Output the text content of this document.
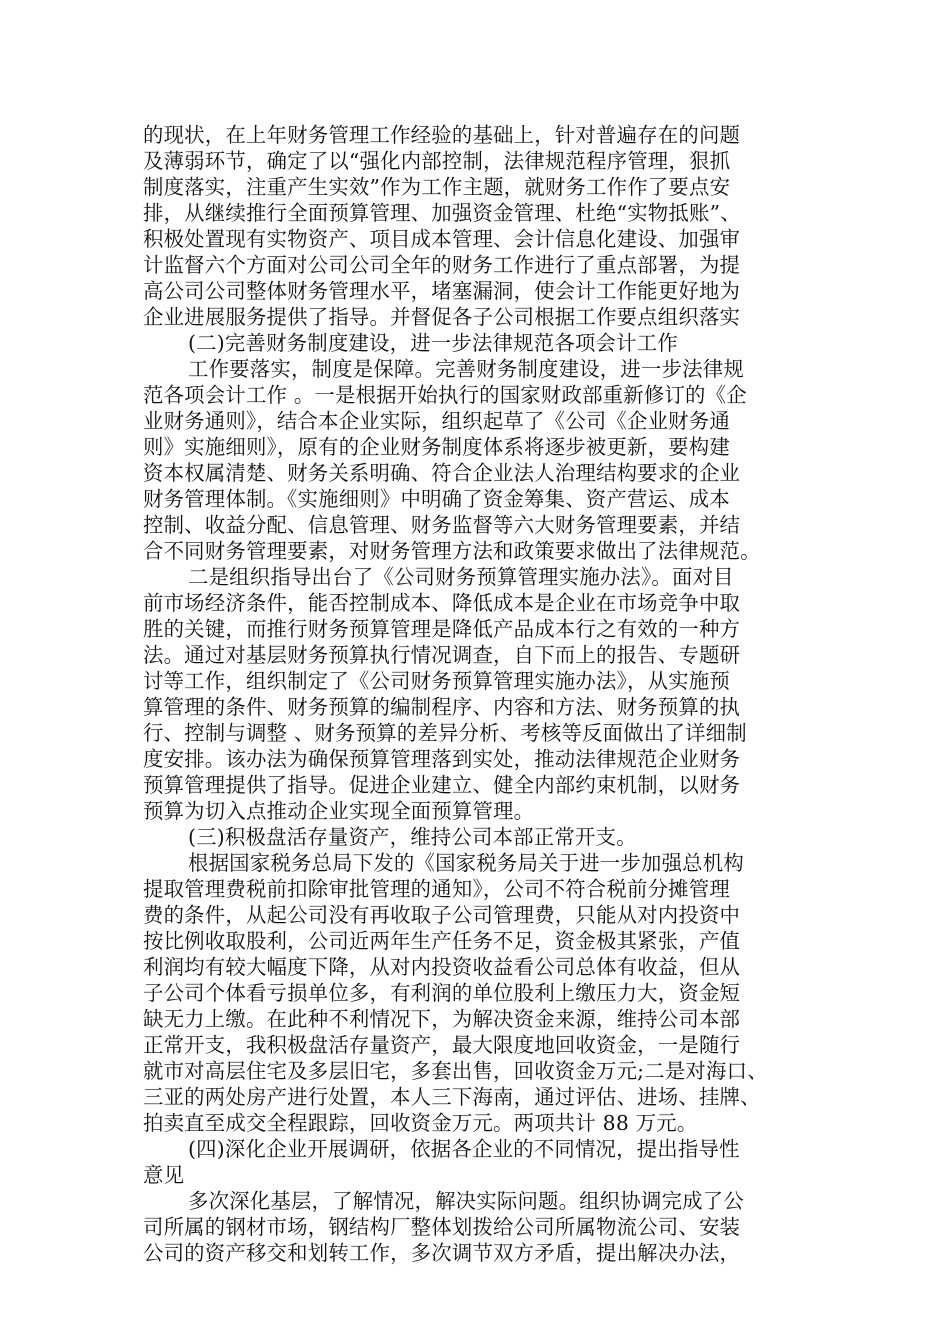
的现状，在上年财务管理工作经验的基础上，针对普遍存在的问题
及薄弱环节，确定了以“强化内部控制，法律规范程序管理，狠抓
制度落实，注重产生实效”作为工作主题，就财务工作作了要点安
排，从继续推行全面预算管理、加强资金管理、杜绝“实物抵账”、
积极处置现有实物资产、项目成本管理、会计信息化建设、加强审
计监督六个方面对公司公司全年的财务工作进行了重点部署，为提
高公司公司整体财务管理水平，堵塞漏洞，使会计工作能更好地为
企业进展服务提供了指导。并督促各子公司根据工作要点组织落实
(二)完善财务制度建设，进一步法律规范各项会计工作
工作要落实，制度是保障。完善财务制度建设，进一步法律规
范各项会计工作 。一是根据开始执行的国家财政部重新修订的《企
业财务通则》，结合本企业实际，组织起草了《公司《企业财务通
则》实施细则》，原有的企业财务制度体系将逐步被更新，要构建
资本权属清楚、财务关系明确、符合企业法人治理结构要求的企业
财务管理体制。《实施细则》中明确了资金筹集、资产营运、成本
控制、收益分配、信息管理、财务监督等六大财务管理要素，并结
合不同财务管理要素，对财务管理方法和政策要求做出了法律规范。
二是组织指导出台了《公司财务预算管理实施办法》。面对目
前市场经济条件，能否控制成本、降低成本是企业在市场竞争中取
胜的关键，而推行财务预算管理是降低产品成本行之有效的一种方
法。通过对基层财务预算执行情况调查，自下而上的报告、专题研
讨等工作，组织制定了《公司财务预算管理实施办法》，从实施预
算管理的条件、财务预算的编制程序、内容和方法、财务预算的执
行、控制与调整 、财务预算的差异分析、考核等反面做出了详细制
度安排。该办法为确保预算管理落到实处，推动法律规范企业财务
预算管理提供了指导。促进企业建立、健全内部约束机制，以财务
预算为切入点推动企业实现全面预算管理。
(三)积极盘活存量资产，维持公司本部正常开支。
根据国家税务总局下发的《国家税务局关于进一步加强总机构
提取管理费税前扣除审批管理的通知》，公司不符合税前分摊管理
费的条件，从起公司没有再收取子公司管理费，只能从对内投资中
按比例收取股利，公司近两年生产任务不足，资金极其紧张，产值
利润均有较大幅度下降，从对内投资收益看公司总体有收益，但从
子公司个体看亏损单位多，有利润的单位股利上缴压力大，资金短
缺无力上缴。在此种不利情况下，为解决资金来源，维持公司本部
正常开支，我积极盘活存量资产，最大限度地回收资金，一是随行
就市对高层住宅及多层旧宅，多套出售，回收资金万元;二是对海口、
三亚的两处房产进行处置，本人三下海南，通过评估、进场、挂牌、
拍卖直至成交全程跟踪，回收资金万元。两项共计 88 万元。
(四)深化企业开展调研，依据各企业的不同情况，提出指导性
意见
多次深化基层，了解情况，解决实际问题。组织协调完成了公
司所属的钢材市场，钢结构厂整体划拨给公司所属物流公司、安装
公司的资产移交和划转工作，多次调节双方矛盾，提出解决办法，
